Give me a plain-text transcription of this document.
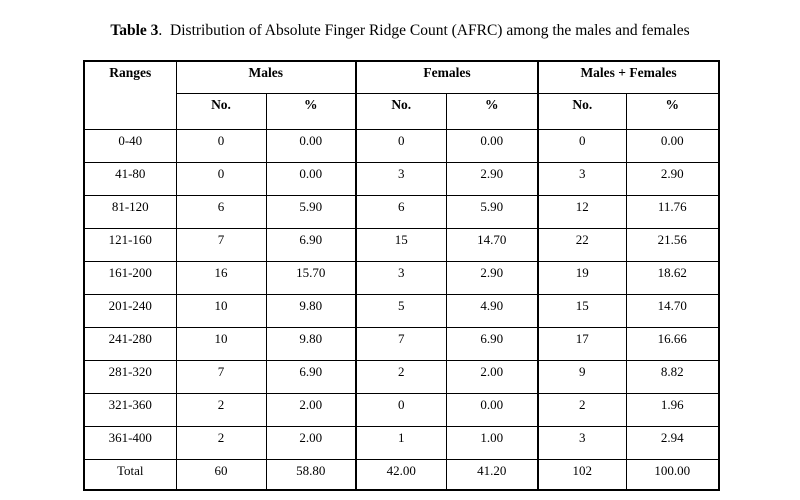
Table 3.  Distribution of Absolute Finger Ridge Count (AFRC) among the males and females
Ranges	Males		Females		Males + Females	
	No.	%	No.	%	No.	%
0-40	0	0.00	0	0.00	0	0.00
41-80	0	0.00	3	2.90	3	2.90
81-120	6	5.90	6	5.90	12	11.76
121-160	7	6.90	15	14.70	22	21.56
161-200	16	15.70	3	2.90	19	18.62
201-240	10	9.80	5	4.90	15	14.70
241-280	10	9.80	7	6.90	17	16.66
281-320	7	6.90	2	2.00	9	8.82
321-360	2	2.00	0	0.00	2	1.96
361-400	2	2.00	1	1.00	3	2.94
Total	60	58.80	42.00	41.20	102	100.00
